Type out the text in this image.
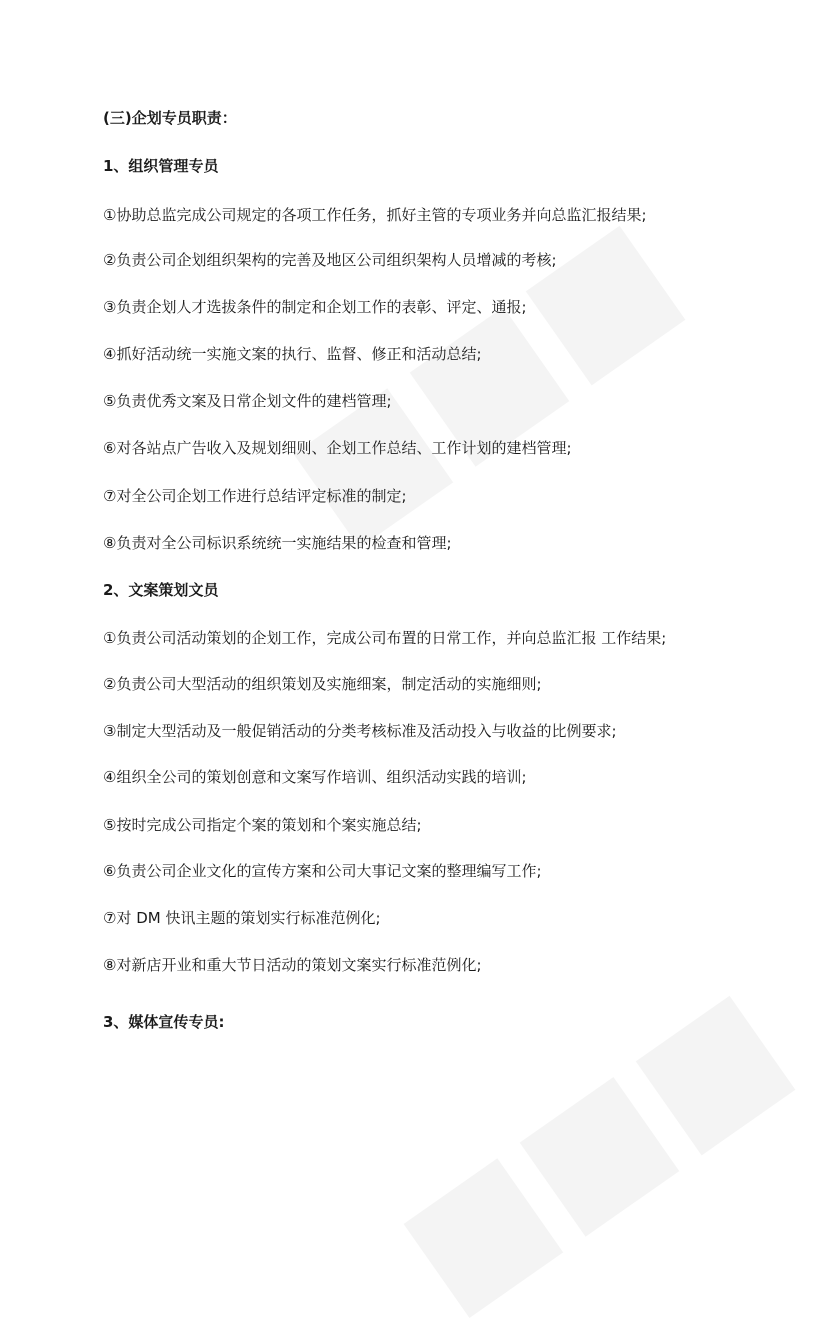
(三)企划专员职责：
1、组织管理专员
①协助总监完成公司规定的各项工作任务，抓好主管的专项业务并向总监汇报结果;
②负责公司企划组织架构的完善及地区公司组织架构人员增减的考核;
③负责企划人才选拔条件的制定和企划工作的表彰、评定、通报;
④抓好活动统一实施文案的执行、监督、修正和活动总结;
⑤负责优秀文案及日常企划文件的建档管理;
⑥对各站点广告收入及规划细则、企划工作总结、工作计划的建档管理;
⑦对全公司企划工作进行总结评定标准的制定;
⑧负责对全公司标识系统统一实施结果的检查和管理;
2、文案策划文员
①负责公司活动策划的企划工作，完成公司布置的日常工作，并向总监汇报 工作结果;
②负责公司大型活动的组织策划及实施细案，制定活动的实施细则;
③制定大型活动及一般促销活动的分类考核标准及活动投入与收益的比例要求;
④组织全公司的策划创意和文案写作培训、组织活动实践的培训;
⑤按时完成公司指定个案的策划和个案实施总结;
⑥负责公司企业文化的宣传方案和公司大事记文案的整理编写工作;
⑦对 DM 快讯主题的策划实行标准范例化;
⑧对新店开业和重大节日活动的策划文案实行标准范例化;
3、媒体宣传专员:
